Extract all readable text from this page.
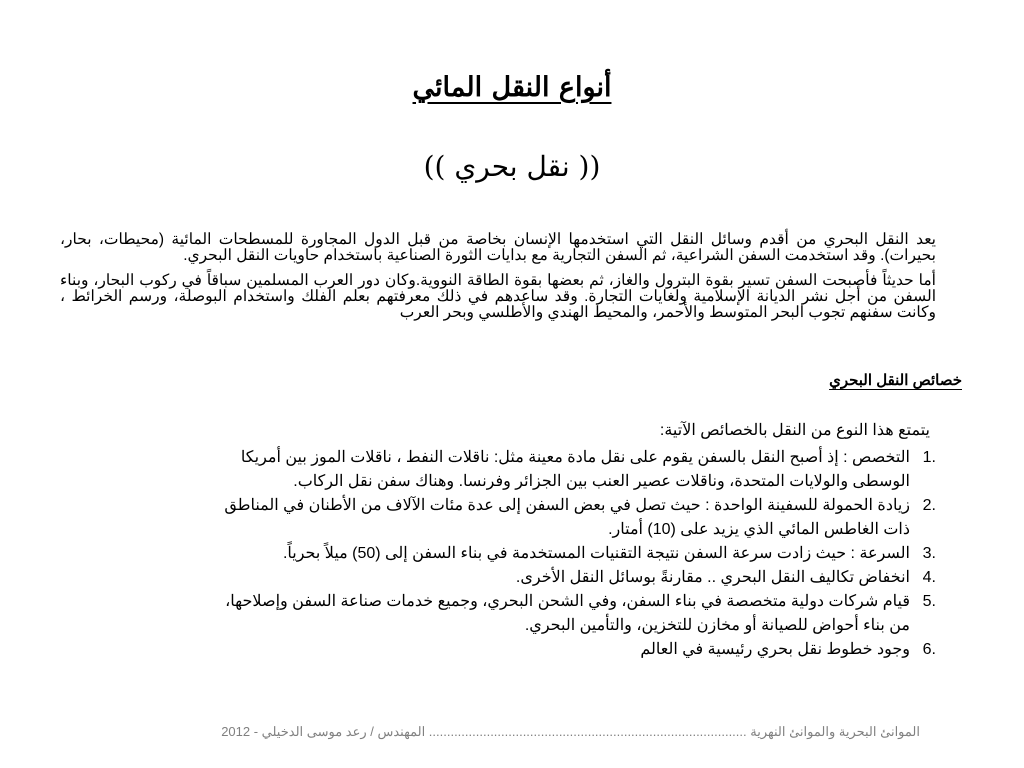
أنواع النقل المائي
(( نقل بحري ))

يعد النقل البحري من أقدم وسائل النقل التي استخدمها الإنسان بخاصة من قبل الدول المجاورة للمسطحات المائية (محيطات، بحار، بحيرات). وقد استخدمت السفن الشراعية، ثم السفن التجارية مع بدايات الثورة الصناعية باستخدام حاويات النقل البحري.

أما حديثاً فأصبحت السفن تسير بقوة البترول والغاز، ثم بعضها بقوة الطاقة النووية.وكان دور العرب المسلمين سباقاً في ركوب البحار، وبناء السفن من أجل نشر الديانة الإسلامية ولغايات التجارة. وقد ساعدهم في ذلك معرفتهم بعلم الفلك واستخدام البوصلة، ورسم الخرائط ، وكانت سفنهم تجوب البحر المتوسط والأحمر، والمحيط الهندي والأطلسي وبحر العرب

خصائص النقل البحري
يتمتع هذا النوع من النقل بالخصائص الآتية:
1.
التخصص : إذ أصبح النقل بالسفن يقوم على نقل مادة معينة مثل: ناقلات النفط ، ناقلات الموز بين أمريكا الوسطى والولايات المتحدة، وناقلات عصير العنب بين الجزائر وفرنسا. وهناك سفن نقل الركاب.
2.
زيادة الحمولة للسفينة الواحدة : حيث تصل في بعض السفن إلى عدة مئات الآلاف من الأطنان في المناطق ذات الغاطس المائي الذي يزيد على (10) أمتار.
3.
السرعة : حيث زادت سرعة السفن نتيجة التقنيات المستخدمة في بناء السفن إلى (50) ميلاً بحرياً.
4.
انخفاض تكاليف النقل البحري .. مقارنةً بوسائل النقل الأخرى.
5.
قيام شركات دولية متخصصة في بناء السفن، وفي الشحن البحري، وجميع خدمات صناعة السفن وإصلاحها، من بناء أحواض للصيانة أو مخازن للتخزين، والتأمين البحري.
6.
وجود خطوط نقل بحري رئيسية في العالم
الموانئ البحرية والموانئ النهرية ........................................................................................ المهندس / رعد موسى الدخيلي - 2012
